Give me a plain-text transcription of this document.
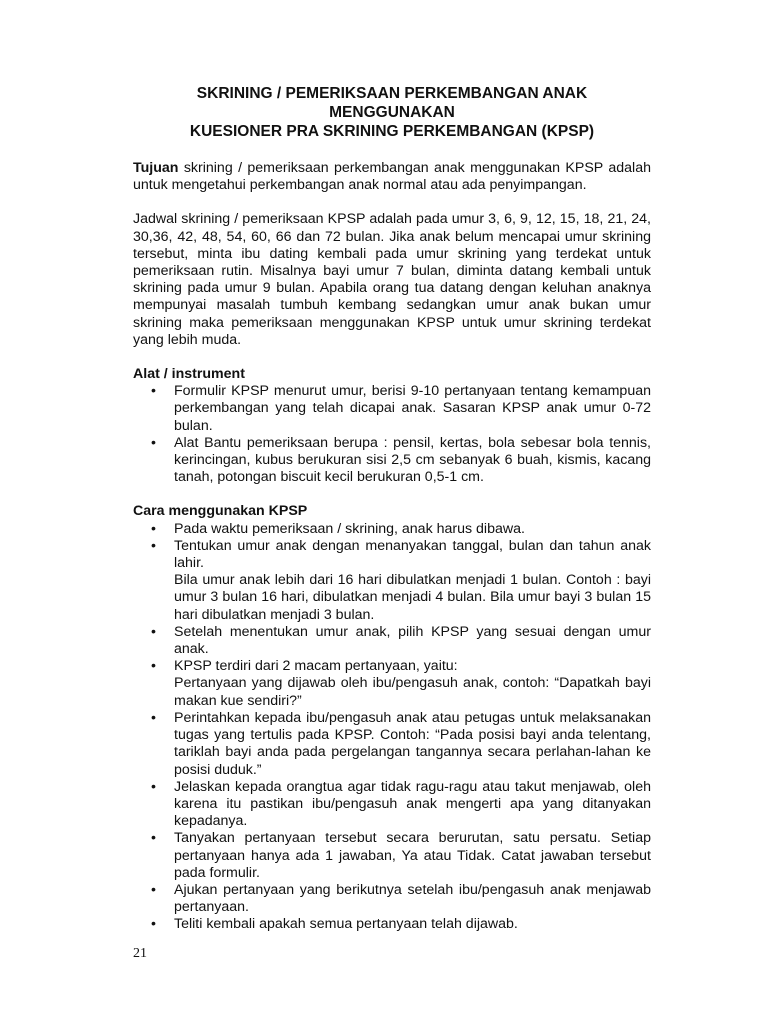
SKRINING / PEMERIKSAAN PERKEMBANGAN ANAK
MENGGUNAKAN
KUESIONER PRA SKRINING PERKEMBANGAN (KPSP)

Tujuan skrining / pemeriksaan perkembangan anak menggunakan KPSP adalah untuk mengetahui perkembangan anak normal atau ada penyimpangan.

Jadwal skrining / pemeriksaan KPSP adalah pada umur 3, 6, 9, 12, 15, 18, 21, 24, 30,36, 42, 48, 54, 60, 66 dan 72 bulan. Jika anak belum mencapai umur skrining tersebut, minta ibu dating kembali pada umur skrining yang terdekat untuk pemeriksaan rutin. Misalnya bayi umur 7 bulan, diminta datang kembali untuk skrining pada umur 9 bulan. Apabila orang tua datang dengan keluhan anaknya mempunyai masalah tumbuh kembang sedangkan umur anak bukan umur skrining maka pemeriksaan menggunakan KPSP untuk umur skrining terdekat yang lebih muda.

Alat / instrument
• Formulir KPSP menurut umur, berisi 9-10 pertanyaan tentang kemampuan perkembangan yang telah dicapai anak. Sasaran KPSP anak umur 0-72 bulan.
• Alat Bantu pemeriksaan berupa : pensil, kertas, bola sebesar bola tennis, kerincingan, kubus berukuran sisi 2,5 cm sebanyak 6 buah, kismis, kacang tanah, potongan biscuit kecil berukuran 0,5-1 cm.
Cara menggunakan KPSP
• Pada waktu pemeriksaan / skrining, anak harus dibawa.
• Tentukan umur anak dengan menanyakan tanggal, bulan dan tahun anak lahir.
Bila umur anak lebih dari 16 hari dibulatkan menjadi 1 bulan. Contoh : bayi umur 3 bulan 16 hari, dibulatkan menjadi 4 bulan. Bila umur bayi 3 bulan 15 hari dibulatkan menjadi 3 bulan.
• Setelah menentukan umur anak, pilih KPSP yang sesuai dengan umur anak.
• KPSP terdiri dari 2 macam pertanyaan, yaitu:
Pertanyaan yang dijawab oleh ibu/pengasuh anak, contoh: “Dapatkah bayi makan kue sendiri?”
• Perintahkan kepada ibu/pengasuh anak atau petugas untuk melaksanakan tugas yang tertulis pada KPSP. Contoh: “Pada posisi bayi anda telentang, tariklah bayi anda pada pergelangan tangannya secara perlahan-lahan ke posisi duduk.”
• Jelaskan kepada orangtua agar tidak ragu-ragu atau takut menjawab, oleh karena itu pastikan ibu/pengasuh anak mengerti apa yang ditanyakan kepadanya.
• Tanyakan pertanyaan tersebut secara berurutan, satu persatu. Setiap pertanyaan hanya ada 1 jawaban, Ya atau Tidak. Catat jawaban tersebut pada formulir.
• Ajukan pertanyaan yang berikutnya setelah ibu/pengasuh anak menjawab pertanyaan.
• Teliti kembali apakah semua pertanyaan telah dijawab.
21
